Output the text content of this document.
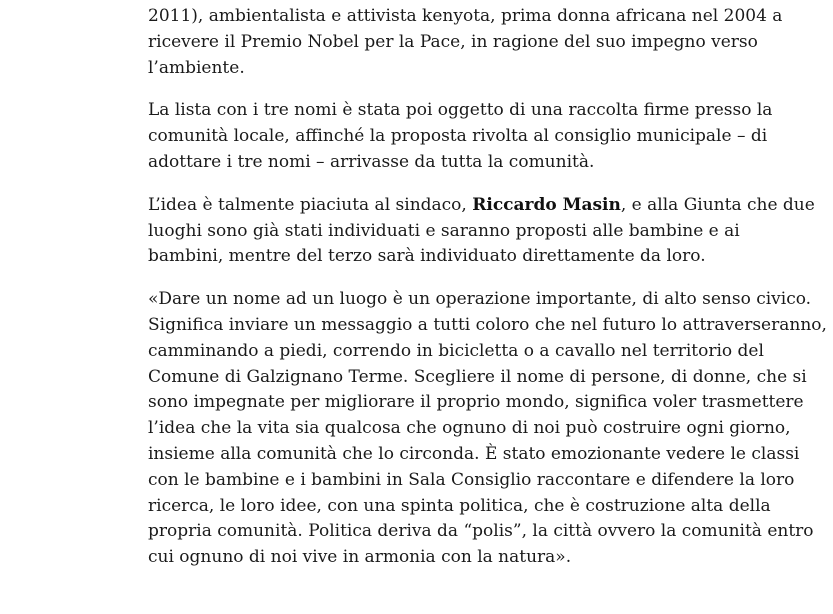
2011), ambientalista e attivista kenyota, prima donna africana nel 2004 a
ricevere il Premio Nobel per la Pace, in ragione del suo impegno verso
l’ambiente.

La lista con i tre nomi è stata poi oggetto di una raccolta firme presso la
comunità locale, affinché la proposta rivolta al consiglio municipale – di
adottare i tre nomi – arrivasse da tutta la comunità.

L’idea è talmente piaciuta al sindaco, Riccardo Masin, e alla Giunta che due
luoghi sono già stati individuati e saranno proposti alle bambine e ai
bambini, mentre del terzo sarà individuato direttamente da loro.

«Dare un nome ad un luogo è un operazione importante, di alto senso civico.
Significa inviare un messaggio a tutti coloro che nel futuro lo attraverseranno,
camminando a piedi, correndo in bicicletta o a cavallo nel territorio del
Comune di Galzignano Terme. Scegliere il nome di persone, di donne, che si
sono impegnate per migliorare il proprio mondo, significa voler trasmettere
l’idea che la vita sia qualcosa che ognuno di noi può costruire ogni giorno,
insieme alla comunità che lo circonda. È stato emozionante vedere le classi
con le bambine e i bambini in Sala Consiglio raccontare e difendere la loro
ricerca, le loro idee, con una spinta politica, che è costruzione alta della
propria comunità. Politica deriva da “polis”, la città ovvero la comunità entro
cui ognuno di noi vive in armonia con la natura».
